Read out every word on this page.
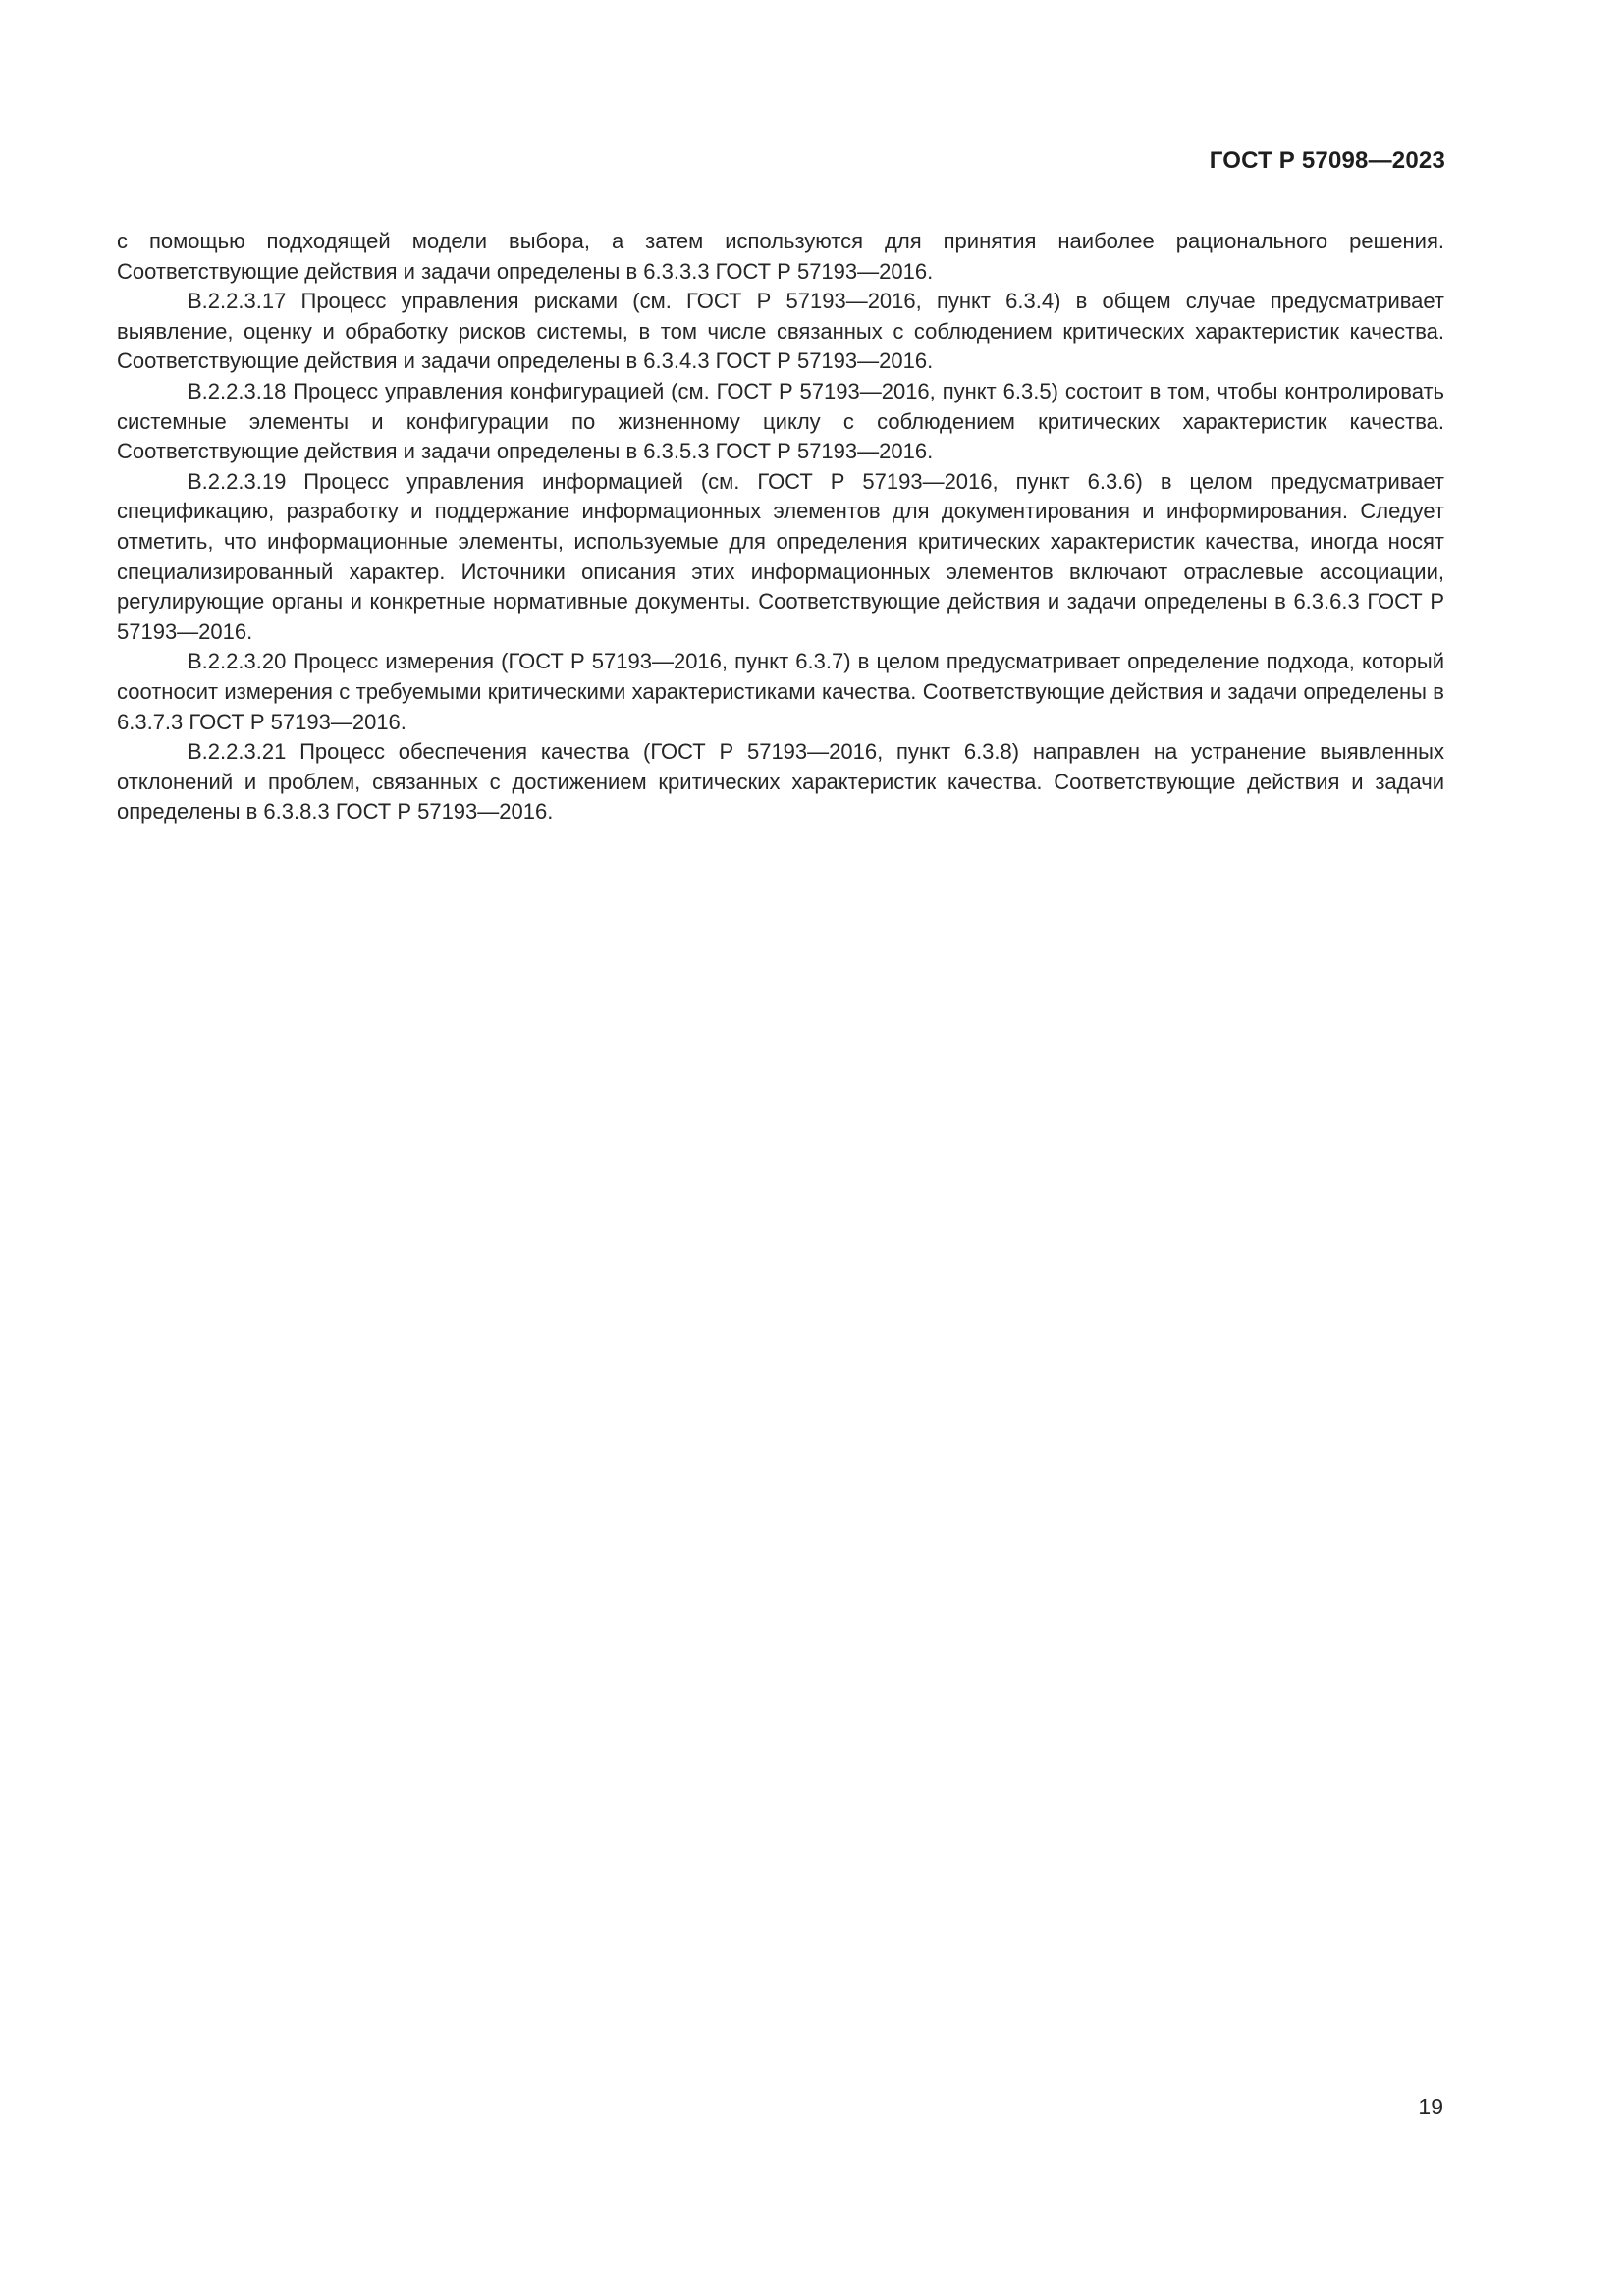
ГОСТ Р 57098—2023

с помощью подходящей модели выбора, а затем используются для принятия наиболее рационального решения. Соответствующие действия и задачи определены в 6.3.3.3 ГОСТ Р 57193—2016.

В.2.2.3.17 Процесс управления рисками (см. ГОСТ Р 57193—2016, пункт 6.3.4) в общем случае предусматривает выявление, оценку и обработку рисков системы, в том числе связанных с соблюдением критических характеристик качества. Соответствующие действия и задачи определены в 6.3.4.3 ГОСТ Р 57193—2016.

В.2.2.3.18 Процесс управления конфигурацией (см. ГОСТ Р 57193—2016, пункт 6.3.5) состоит в том, чтобы контролировать системные элементы и конфигурации по жизненному циклу с соблюдением критических характеристик качества. Соответствующие действия и задачи определены в 6.3.5.3 ГОСТ Р 57193—2016.

В.2.2.3.19 Процесс управления информацией (см. ГОСТ Р 57193—2016, пункт 6.3.6) в целом предусматривает спецификацию, разработку и поддержание информационных элементов для документирования и информирования. Следует отметить, что информационные элементы, используемые для определения критических характеристик качества, иногда носят специализированный характер. Источники описания этих информационных элементов включают отраслевые ассоциации, регулирующие органы и конкретные нормативные документы. Соответствующие действия и задачи определены в 6.3.6.3 ГОСТ Р 57193—2016.

В.2.2.3.20 Процесс измерения (ГОСТ Р 57193—2016, пункт 6.3.7) в целом предусматривает определение подхода, который соотносит измерения с требуемыми критическими характеристиками качества. Соответствующие действия и задачи определены в 6.3.7.3 ГОСТ Р 57193—2016.

В.2.2.3.21 Процесс обеспечения качества (ГОСТ Р 57193—2016, пункт 6.3.8) направлен на устранение выявленных отклонений и проблем, связанных с достижением критических характеристик качества. Соответствующие действия и задачи определены в 6.3.8.3 ГОСТ Р 57193—2016.

19
